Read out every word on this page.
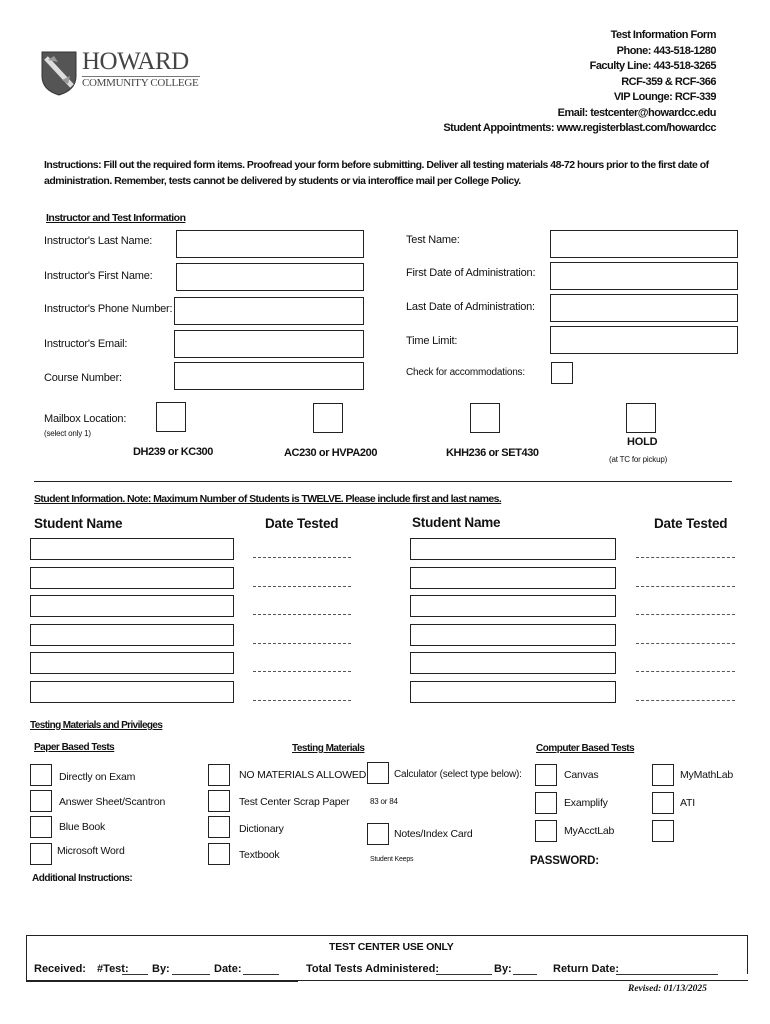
HOWARD
COMMUNITY COLLEGE
Test Information Form
Phone: 443-518-1280
Faculty Line: 443-518-3265
RCF-359 & RCF-366
VIP Lounge: RCF-339
Email: testcenter@howardcc.edu
Student Appointments: www.registerblast.com/howardcc
Instructions: Fill out the required form items. Proofread your form before submitting. Deliver all testing materials 48-72 hours prior to the first date of administration. Remember, tests cannot be delivered by students or via interoffice mail per College Policy.
Instructor and Test Information
Instructor's Last Name:
Instructor's First Name:
Instructor's Phone Number:
Instructor's Email:
Course Number:
Test Name:
First Date of Administration:
Last Date of Administration:
Time Limit:
Check for accommodations:
Mailbox Location:
(select only 1)
DH239 or KC300	AC230 or HVPA200	KHH236 or SET430
HOLD
(at TC for pickup)
Student Information. Note: Maximum Number of Students is TWELVE. Please include first and last names.
Student Name	Date Tested	Student Name	Date Tested
Testing Materials and Privileges
Paper Based Tests	Testing Materials	Computer Based Tests
Directly on Exam
Answer Sheet/Scantron
Blue Book
Microsoft Word
NO MATERIALS ALLOWED
Test Center Scrap Paper
Dictionary
Textbook
Calculator (select type below):
83 or 84
Notes/Index Card
Student Keeps
Canvas
Examplify
MyAcctLab
MyMathLab
ATI
PASSWORD:
Additional Instructions:
TEST CENTER USE ONLY
Received: #Test: By:	Date:	Total Tests Administered:	By:	Return Date:
Revised: 01/13/2025
